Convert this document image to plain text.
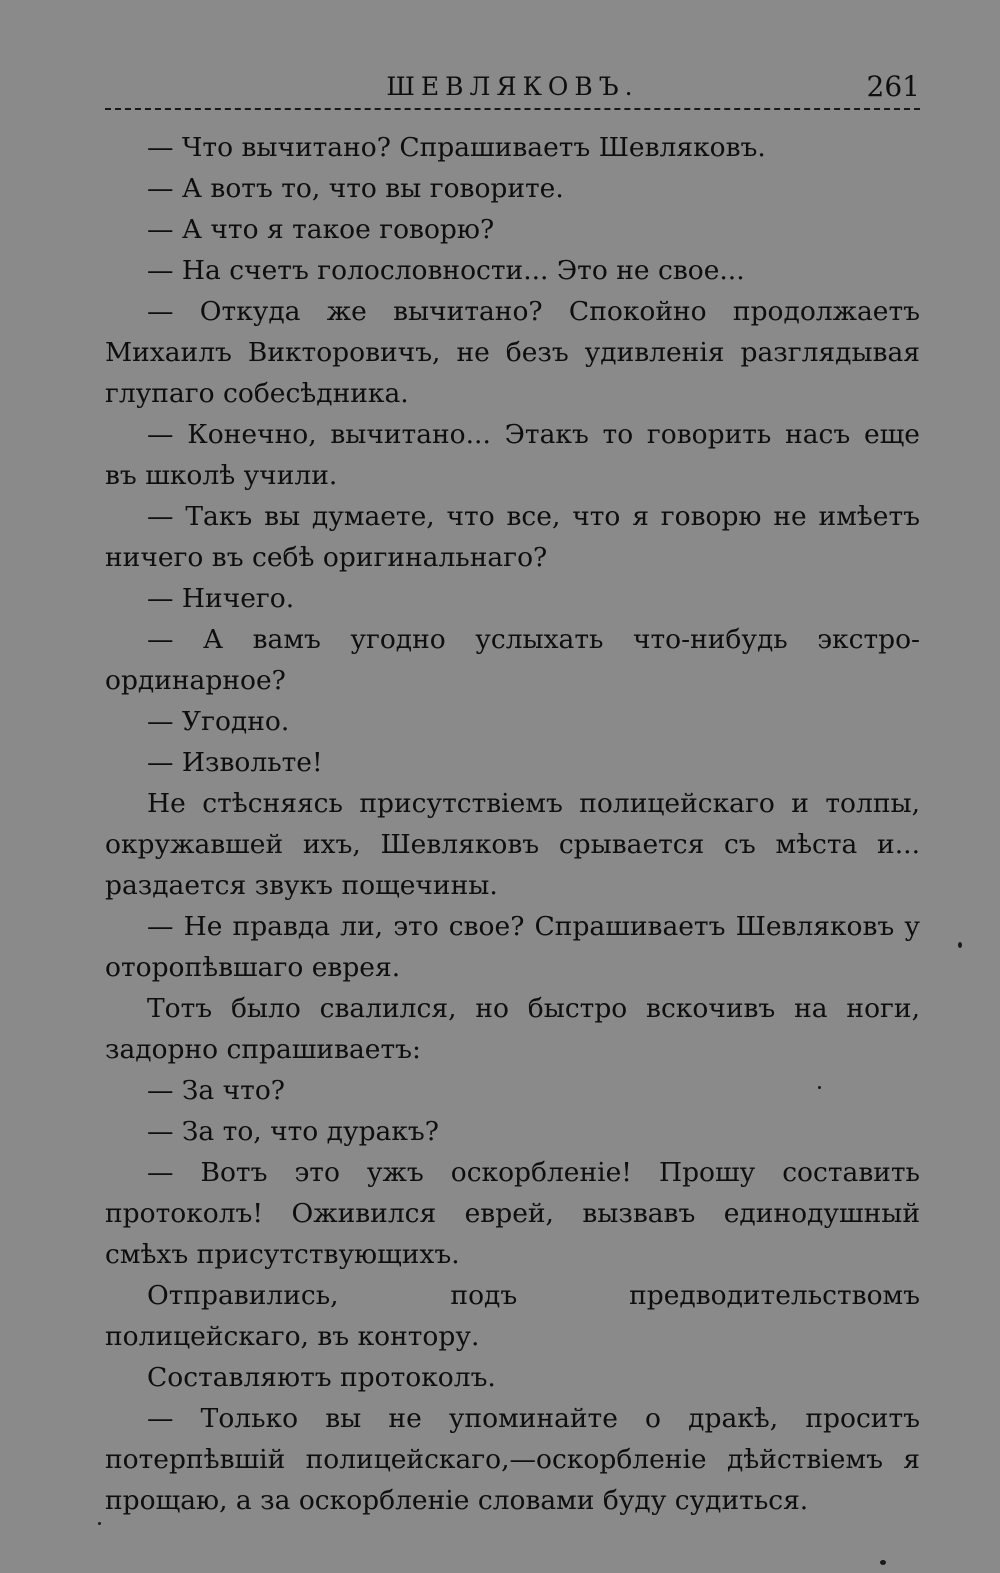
ШЕВЛЯКОВЪ.	261

— Что вычитано? Спрашиваетъ Шевляковъ.

— А вотъ то, что вы говорите.

— А что я такое говорю?

— На счетъ голословности... Это не свое...

— Откуда же вычитано? Спокойно продолжаетъ Михаилъ Викторовичъ, не безъ удивленія разглядывая глупаго собесѣдника.

— Конечно, вычитано... Этакъ то говорить насъ еще въ школѣ учили.

— Такъ вы думаете, что все, что я говорю не имѣетъ ничего въ себѣ оригинальнаго?

— Ничего.

— А вамъ угодно услыхать что-нибудь экстро-ординарное?

— Угодно.

— Извольте!

Не стѣсняясь присутствіемъ полицейскаго и толпы, окружавшей ихъ, Шевляковъ срывается съ мѣста и... раздается звукъ пощечины.

— Не правда ли, это свое? Спрашиваетъ Шевляковъ у оторопѣвшаго еврея.

Тотъ было свалился, но быстро вскочивъ на ноги, задорно спрашиваетъ:

— За что?

— За то, что дуракъ?

— Вотъ это ужъ оскорбленіе! Прошу составить протоколъ! Оживился еврей, вызвавъ единодушный смѣхъ присутствующихъ.

Отправились, подъ предводительствомъ полицейскаго, въ контору.

Составляютъ протоколъ.

— Только вы не упоминайте о дракѣ, проситъ потерпѣвшій полицейскаго,—оскорбленіе дѣйствіемъ я прощаю, а за оскорбленіе словами буду судиться.
